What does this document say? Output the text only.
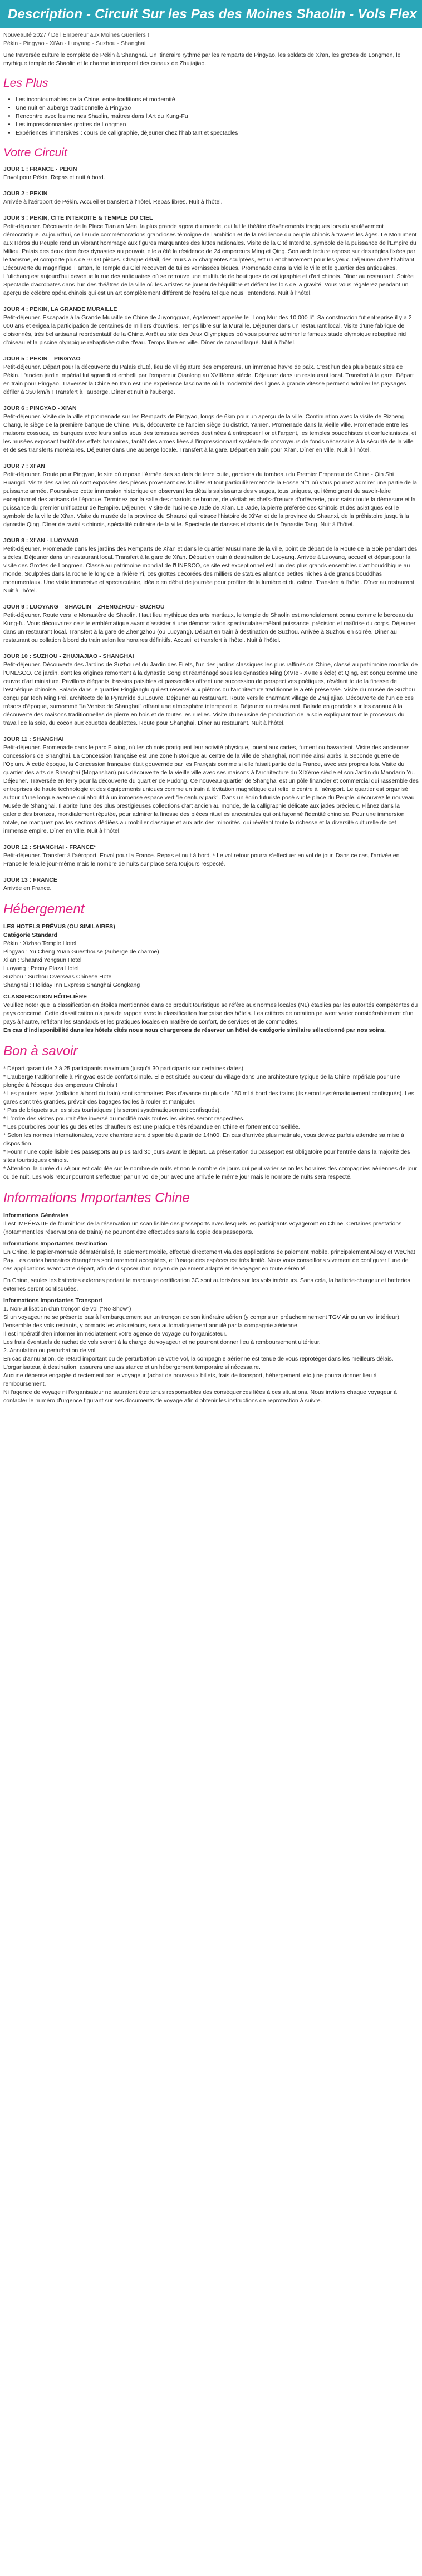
Description - Circuit Sur les Pas des Moines Shaolin - Vols Flex

Nouveauté 2027 / De l'Empereur aux Moines Guerriers !

Pékin - Pingyao - Xi'An - Luoyang - Suzhou - Shanghai

Une traversée culturelle complète de Pékin à Shanghai. Un itinéraire rythmé par les remparts de Pingyao, les soldats de Xi'an, les grottes de Longmen, le mythique temple de Shaolin et le charme intemporel des canaux de Zhujiajiao.

Les Plus
• Les incontournables de la Chine, entre traditions et modernité
• Une nuit en auberge traditionnelle à Pingyao
• Rencontre avec les moines Shaolin, maîtres dans l'Art du Kung-Fu
• Les impressionnantes grottes de Longmen
• Expériences immersives : cours de calligraphie, déjeuner chez l'habitant et spectacles
Votre Circuit
JOUR 1 : FRANCE - PEKIN

Envol pour Pékin. Repas et nuit à bord.

JOUR 2 : PEKIN

Arrivée à l'aéroport de Pékin. Accueil et transfert à l'hôtel. Repas libres. Nuit à l'hôtel.

JOUR 3 : PEKIN, CITE INTERDITE & TEMPLE DU CIEL

Petit-déjeuner. Découverte de la Place Tian an Men, la plus grande agora du monde, qui fut le théâtre d'événements tragiques lors du soulèvement démocratique. Aujourd'hui, ce lieu de commémorations grandioses témoigne de l'ambition et de la résilience du peuple chinois à travers les âges. Le Monument aux Héros du Peuple rend un vibrant hommage aux figures marquantes des luttes nationales. Visite de la Cité Interdite, symbole de la puissance de l'Empire du Milieu. Palais des deux dernières dynasties au pouvoir, elle a été la résidence de 24 empereurs Ming et Qing. Son architecture repose sur des règles fixées par le taoïsme, et comporte plus de 9 000 pièces. Chaque détail, des murs aux charpentes sculptées, est un enchantement pour les yeux. Déjeuner chez l'habitant. Découverte du magnifique Tiantan, le Temple du Ciel recouvert de tuiles vernissées bleues. Promenade dans la vieille ville et le quartier des antiquaires. L'ulichang est aujourd'hui devenue la rue des antiquaires où se retrouve une multitude de boutiques de calligraphie et d'art chinois. Dîner au restaurant. Soirée Spectacle d'acrobates dans l'un des théâtres de la ville où les artistes se jouent de l'équilibre et défient les lois de la gravité. Vous vous régalerez pendant un aperçu de célèbre opéra chinois qui est un art complètement différent de l'opéra tel que nous l'entendons. Nuit à l'hôtel.

JOUR 4 : PEKIN, LA GRANDE MURAILLE

Petit-déjeuner. Escapade à la Grande Muraille de Chine de Juyongguan, également appelée le "Long Mur des 10 000 li". Sa construction fut entreprise il y a 2 000 ans et exigea la participation de centaines de milliers d'ouvriers. Temps libre sur la Muraille. Déjeuner dans un restaurant local. Visite d'une fabrique de cloisonnés, très bel artisanat représentatif de la Chine. Arrêt au site des Jeux Olympiques où vous pourrez admirer le fameux stade olympique rebaptisé nid d'oiseau et la piscine olympique rebaptisée cube d'eau. Temps libre en ville. Dîner de canard laqué. Nuit à l'hôtel.

JOUR 5 : PEKIN – PINGYAO

Petit-déjeuner. Départ pour la découverte du Palais d'Eté, lieu de villégiature des empereurs, un immense havre de paix. C'est l'un des plus beaux sites de Pékin. L'ancien jardin impérial fut agrandi et embelli par l'empereur Qianlong au XVIIIème siècle. Déjeuner dans un restaurant local. Transfert à la gare. Départ en train pour Pingyao. Traverser la Chine en train est une expérience fascinante où la modernité des lignes à grande vitesse permet d'admirer les paysages défiler à 350 km/h ! Transfert à l'auberge. Dîner et nuit à l'auberge.

JOUR 6 : PINGYAO - XI'AN

Petit-déjeuner. Visite de la ville et promenade sur les Remparts de Pingyao, longs de 6km pour un aperçu de la ville. Continuation avec la visite de Rizheng Chang, le siège de la première banque de Chine. Puis, découverte de l'ancien siège du district, Yamen. Promenade dans la vieille ville. Promenade entre les maisons cossues, les banques avec leurs salles sous des terrasses serrées destinées à entreposer l'or et l'argent, les temples bouddhistes et confucianistes, et les musées exposant tantôt des effets bancaires, tantôt des armes liées à l'impressionnant système de convoyeurs de fonds nécessaire à la sécurité de la ville et de ses transferts monétaires. Déjeuner dans une auberge locale. Transfert à la gare. Départ en train pour Xi'an. Dîner en ville. Nuit à l'hôtel.

JOUR 7 : XI'AN

Petit-déjeuner. Route pour Pingyan, le site où repose l'Armée des soldats de terre cuite, gardiens du tombeau du Premier Empereur de Chine - Qin Shi Huangdi. Visite des salles où sont exposées des pièces provenant des fouilles et tout particulièrement de la Fosse N°1 où vous pourrez admirer une partie de la puissante armée. Poursuivez cette immersion historique en observant les détails saisissants des visages, tous uniques, qui témoignent du savoir-faire exceptionnel des artisans de l'époque. Terminez par la salle des chariots de bronze, de véritables chefs-d'œuvre d'orfèvrerie, pour saisir toute la démesure et la puissance du premier unificateur de l'Empire. Déjeuner. Visite de l'usine de Jade de Xi'an. Le Jade, la pierre préférée des Chinois et des asiatiques est le symbole de la ville de Xi'an. Visite du musée de la province du Shaanxi qui retrace l'histoire de Xi'An et de la province du Shaanxi, de la préhistoire jusqu'à la dynastie Qing. Dîner de raviolis chinois, spécialité culinaire de la ville. Spectacle de danses et chants de la Dynastie Tang. Nuit à l'hôtel.

JOUR 8 : XI'AN - LUOYANG

Petit-déjeuner. Promenade dans les jardins des Remparts de Xi'an et dans le quartier Musulmane de la ville, point de départ de la Route de la Soie pendant des siècles. Déjeuner dans un restaurant local. Transfert à la gare de Xi'an. Départ en train à destination de Luoyang. Arrivée à Luoyang, accueil et départ pour la visite des Grottes de Longmen. Classé au patrimoine mondial de l'UNESCO, ce site est exceptionnel est l'un des plus grands ensembles d'art bouddhique au monde. Sculptées dans la roche le long de la rivière Yi, ces grottes décorées des milliers de statues allant de petites niches à de grands bouddhas monumentaux. Une visite immersive et spectaculaire, idéale en début de journée pour profiter de la lumière et du calme. Transfert à l'hôtel. Dîner au restaurant. Nuit à l'hôtel.

JOUR 9 : LUOYANG – SHAOLIN – ZHENGZHOU - SUZHOU

Petit-déjeuner. Route vers le Monastère de Shaolin. Haut lieu mythique des arts martiaux, le temple de Shaolin est mondialement connu comme le berceau du Kung-fu. Vous découvrirez ce site emblématique avant d'assister à une démonstration spectaculaire mêlant puissance, précision et maîtrise du corps. Déjeuner dans un restaurant local. Transfert à la gare de Zhengzhou (ou Luoyang). Départ en train à destination de Suzhou. Arrivée à Suzhou en soirée. Dîner au restaurant ou collation à bord du train selon les horaires définitifs. Accueil et transfert à l'hôtel. Nuit à l'hôtel.

JOUR 10 : SUZHOU - ZHUJIAJIAO - SHANGHAI

Petit-déjeuner. Découverte des Jardins de Suzhou et du Jardin des Filets, l'un des jardins classiques les plus raffinés de Chine, classé au patrimoine mondial de l'UNESCO. Ce jardin, dont les origines remontent à la dynastie Song et réaménagé sous les dynasties Ming (XVIe - XVIIe siècle) et Qing, est conçu comme une œuvre d'art miniature. Pavillons élégants, bassins paisibles et passerelles offrent une succession de perspectives poétiques, révélant toute la finesse de l'esthétique chinoise. Balade dans le quartier Pingjianglu qui est réservé aux piétons ou l'architecture traditionnelle a été préservée. Visite du musée de Suzhou conçu par Ieoh Ming Pei, architecte de la Pyramide du Louvre. Déjeuner au restaurant. Route vers le charmant village de Zhujiajiao. Découverte de l'un de ces trésors d'époque, surnommé "la Venise de Shanghai" offrant une atmosphère intemporelle. Déjeuner au restaurant. Balade en gondole sur les canaux à la découverte des maisons traditionnelles de pierre en bois et de toutes les ruelles. Visite d'une usine de production de la soie expliquant tout le processus du travail de la soie, du cocon aux couettes doublettes. Route pour Shanghai. Dîner au restaurant. Nuit à l'hôtel.

JOUR 11 : SHANGHAI

Petit-déjeuner. Promenade dans le parc Fuxing, où les chinois pratiquent leur activité physique, jouent aux cartes, fument ou bavardent. Visite des anciennes concessions de Shanghai. La Concession française est une zone historique au centre de la ville de Shanghai, nommée ainsi après la Seconde guerre de l'Opium. À cette époque, la Concession française était gouvernée par les Français comme si elle faisait partie de la France, avec ses propres lois. Visite du quartier des arts de Shanghai (Moganshan) puis découverte de la vieille ville avec ses maisons à l'architecture du XIXème siècle et son Jardin du Mandarin Yu. Déjeuner. Traversée en ferry pour la découverte du quartier de Pudong. Ce nouveau quartier de Shanghai est un pôle financier et commercial qui rassemble des entreprises de haute technologie et des équipements uniques comme un train à lévitation magnétique qui relie le centre à l'aéroport. Le quartier est organisé autour d'une longue avenue qui aboutit à un immense espace vert "le century park". Dans un écrin futuriste posé sur le place du Peuple, découvrez le nouveau Musée de Shanghai. Il abrite l'une des plus prestigieuses collections d'art ancien au monde, de la calligraphie délicate aux jades précieux. Flânez dans la galerie des bronzes, mondialement réputée, pour admirer la finesse des pièces rituelles ancestrales qui ont façonné l'identité chinoise. Pour une immersion totale, ne manquez pas les sections dédiées au mobilier classique et aux arts des minorités, qui révèlent toute la richesse et la diversité culturelle de cet immense empire. Dîner en ville. Nuit à l'hôtel.

JOUR 12 : SHANGHAI - FRANCE*

Petit-déjeuner. Transfert à l'aéroport. Envol pour la France. Repas et nuit à bord. * Le vol retour pourra s'effectuer en vol de jour. Dans ce cas, l'arrivée en France le fera le jour-même mais le nombre de nuits sur place sera toujours respecté.

JOUR 13 : FRANCE

Arrivée en France.

Hébergement

LES HOTELS PRÉVUS (OU SIMILAIRES)

Catégorie Standard

Pékin : Xizhao Temple Hotel

Pingyao : Yu Cheng Yuan Guesthouse (auberge de charme)

Xi'an : Shaanxi Yongsun Hotel

Luoyang : Peony Plaza Hotel

Suzhou : Suzhou Overseas Chinese Hotel

Shanghai : Holiday Inn Express Shanghai Gongkang

CLASSIFICATION HÔTELIÈRE

Veuillez noter que la classification en étoiles mentionnée dans ce produit touristique se réfère aux normes locales (NL) établies par les autorités compétentes du pays concerné. Cette classification n'a pas de rapport avec la classification française des hôtels. Les critères de notation peuvent varier considérablement d'un pays à l'autre, reflétant les standards et les pratiques locales en matière de confort, de services et de commodités.

En cas d'indisponibilité dans les hôtels cités nous nous chargerons de réserver un hôtel de catégorie similaire sélectionné par nos soins.

Bon à savoir

* Départ garanti de 2 à 25 participants maximum (jusqu'à 30 participants sur certaines dates).

* L'auberge traditionnelle à Pingyao est de confort simple. Elle est située au cœur du village dans une architecture typique de la Chine impériale pour une plongée à l'époque des empereurs Chinois !

* Les paniers repas (collation à bord du train) sont sommaires. Pas d'avance du plus de 150 ml à bord des trains (ils seront systématiquement confisqués). Les gares sont très grandes, prévoir des bagages faciles à rouler et manipuler.

* Pas de briquets sur les sites touristiques (ils seront systématiquement confisqués).

* L'ordre des visites pourrait être inversé ou modifié mais toutes les visites seront respectées.

* Les pourboires pour les guides et les chauffeurs est une pratique très répandue en Chine et fortement conseillée.

* Selon les normes internationales, votre chambre sera disponible à partir de 14h00. En cas d'arrivée plus matinale, vous devrez parfois attendre sa mise à disposition.

* Fournir une copie lisible des passeports au plus tard 30 jours avant le départ. La présentation du passeport est obligatoire pour l'entrée dans la majorité des sites touristiques chinois.

* Attention, la durée du séjour est calculée sur le nombre de nuits et non le nombre de jours qui peut varier selon les horaires des compagnies aériennes de jour ou de nuit. Les vols retour pourront s'effectuer par un vol de jour avec une arrivée le même jour mais le nombre de nuits sera respecté.

Informations Importantes Chine

Informations Générales

Il est IMPÉRATIF de fournir lors de la réservation un scan lisible des passeports avec lesquels les participants voyageront en Chine. Certaines prestations (notamment les réservations de trains) ne pourront être effectuées sans la copie des passeports.

Informations Importantes Destination

En Chine, le papier-monnaie dématérialisé, le paiement mobile, effectué directement via des applications de paiement mobile, principalement Alipay et WeChat Pay. Les cartes bancaires étrangères sont rarement acceptées, et l'usage des espèces est très limité. Nous vous conseillons vivement de configurer l'une de ces applications avant votre départ, afin de disposer d'un moyen de paiement adapté et de voyager en toute sérénité.

En Chine, seules les batteries externes portant le marquage certification 3C sont autorisées sur les vols intérieurs. Sans cela, la batterie-chargeur et batteries externes seront confisquées.

Informations Importantes Transport

1. Non-utilisation d'un tronçon de vol ("No Show")

Si un voyageur ne se présente pas à l'embarquement sur un tronçon de son itinéraire aérien (y compris un préacheminement TGV Air ou un vol intérieur), l'ensemble des vols restants, y compris les vols retours, sera automatiquement annulé par la compagnie aérienne.

Il est impératif d'en informer immédiatement votre agence de voyage ou l'organisateur.

Les frais éventuels de rachat de vols seront à la charge du voyageur et ne pourront donner lieu à remboursement ultérieur.

2. Annulation ou perturbation de vol

En cas d'annulation, de retard important ou de perturbation de votre vol, la compagnie aérienne est tenue de vous reprotéger dans les meilleurs délais.

L'organisateur, à destination, assurera une assistance et un hébergement temporaire si nécessaire.

Aucune dépense engagée directement par le voyageur (achat de nouveaux billets, frais de transport, hébergement, etc.) ne pourra donner lieu à remboursement.

Ni l'agence de voyage ni l'organisateur ne sauraient être tenus responsables des conséquences liées à ces situations. Nous invitons chaque voyageur à contacter le numéro d'urgence figurant sur ses documents de voyage afin d'obtenir les instructions de reprotection à suivre.
